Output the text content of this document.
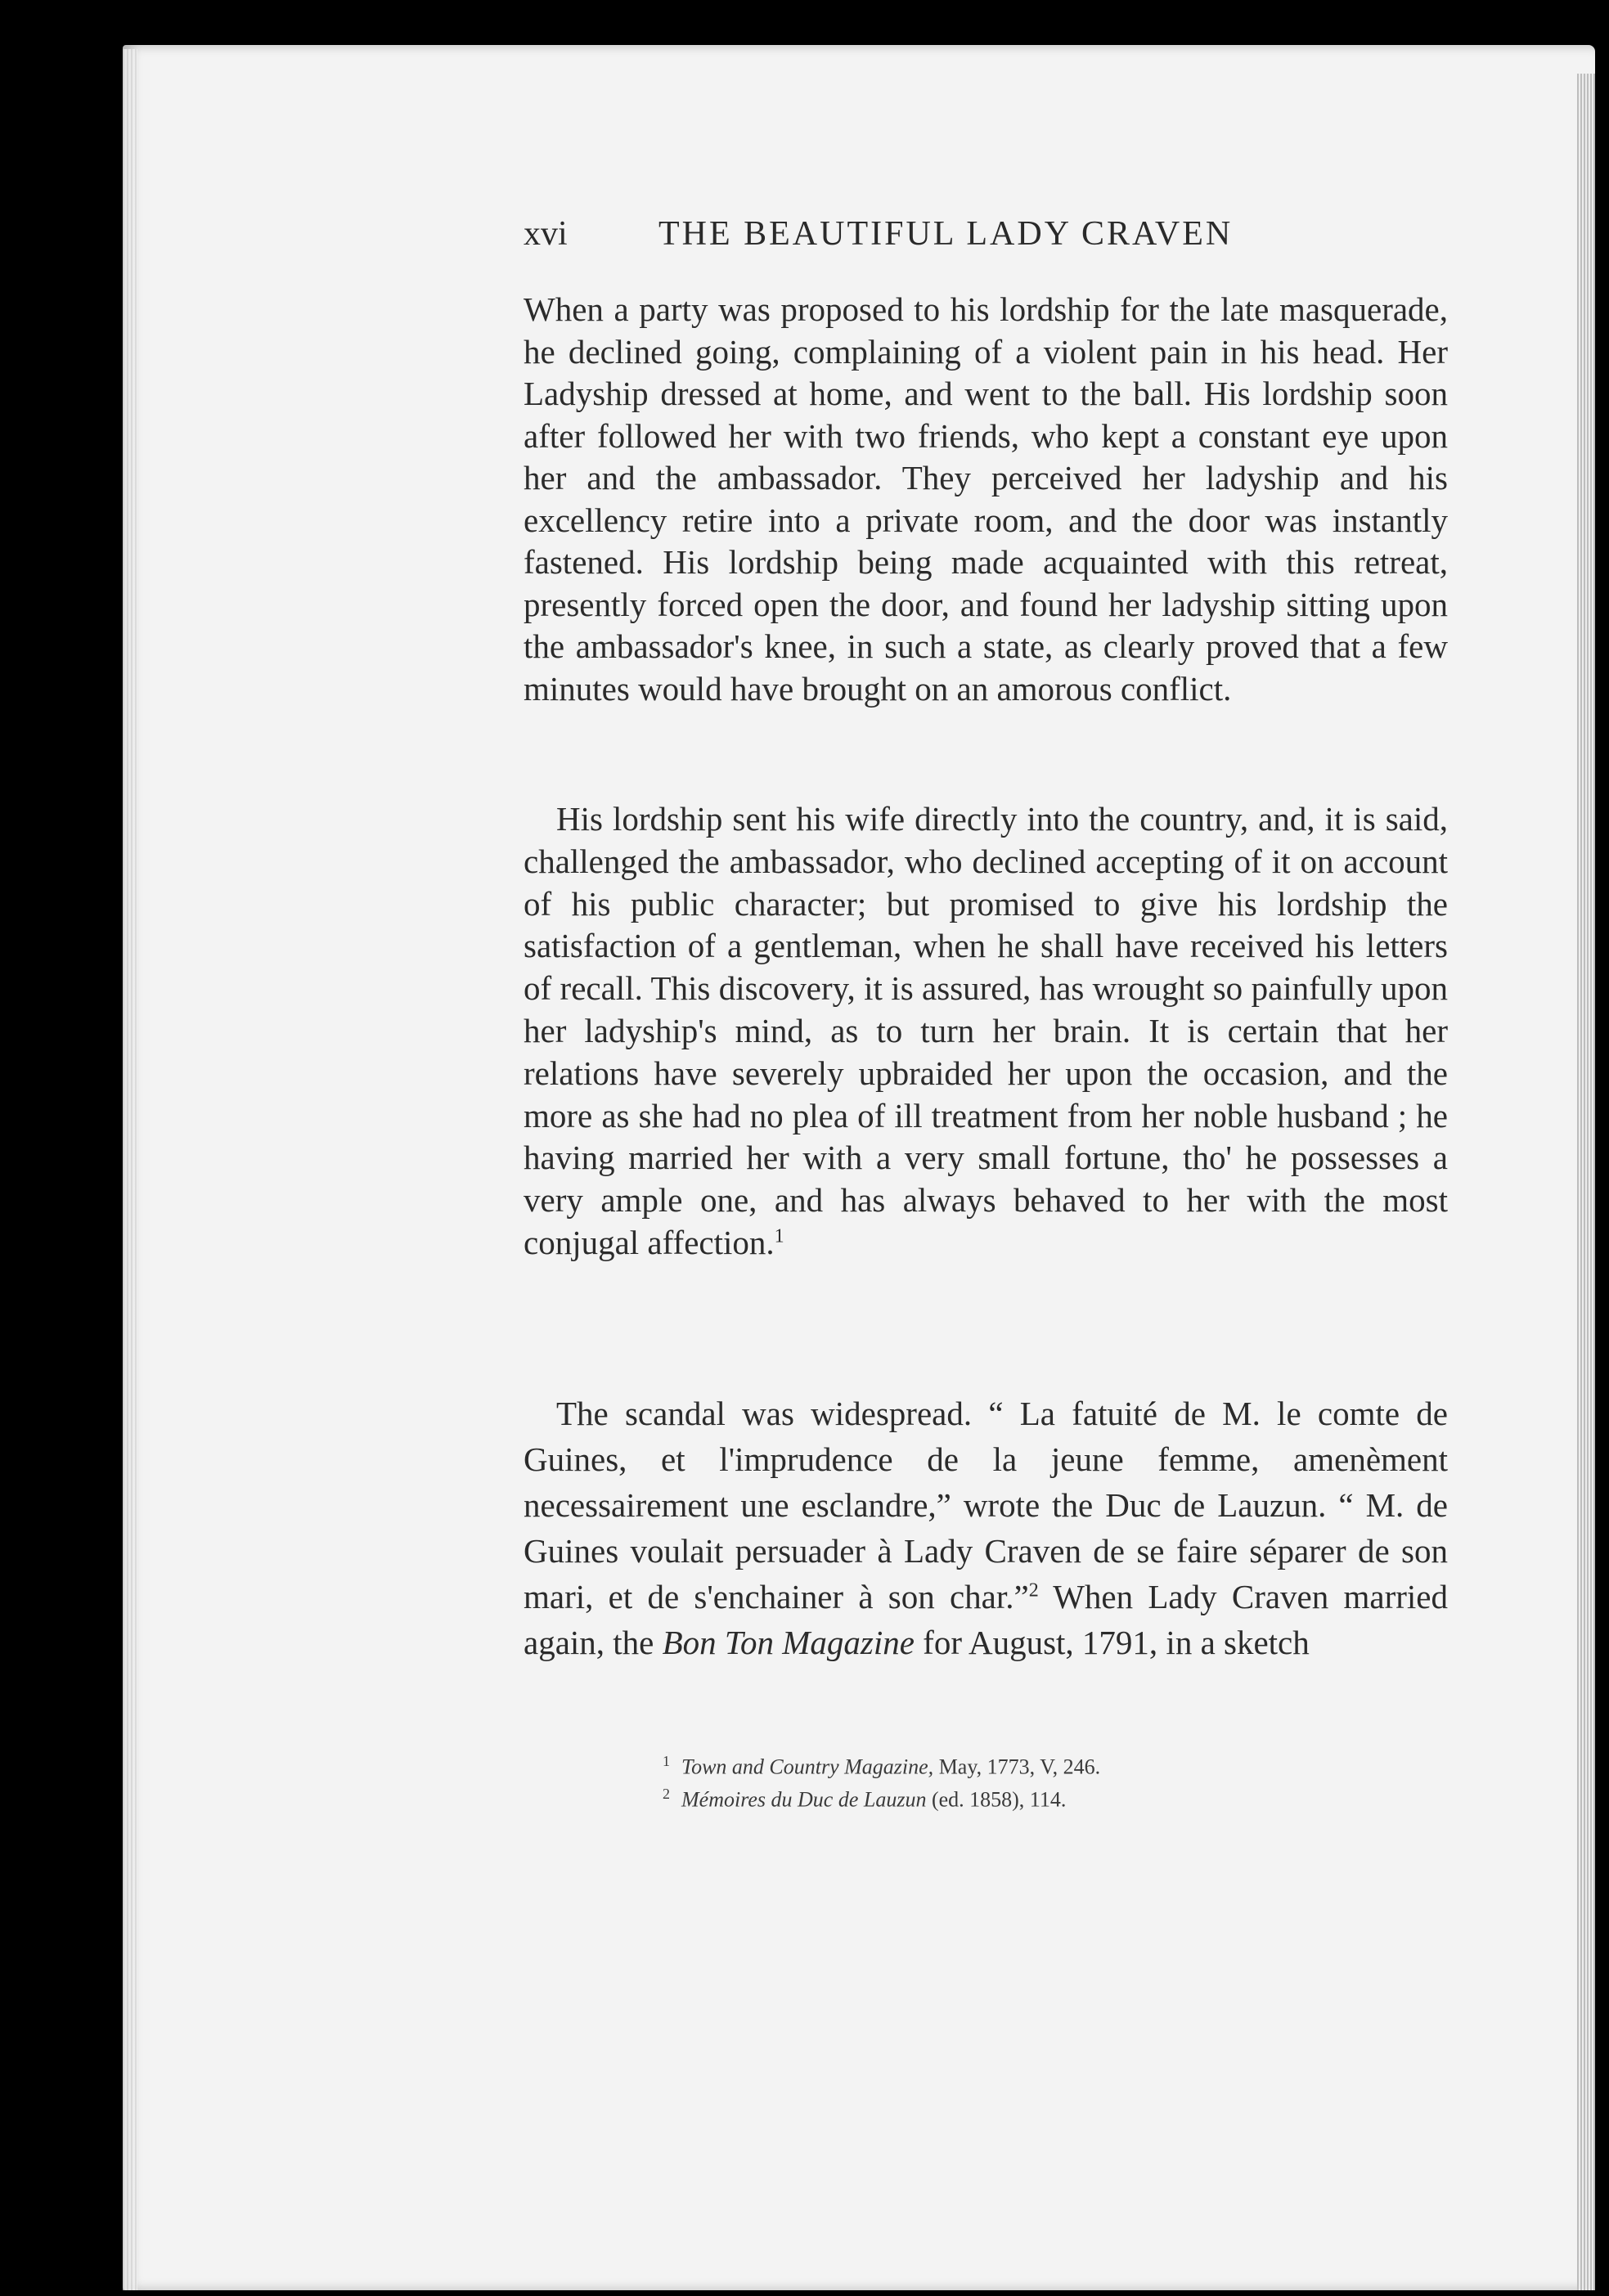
xvi	THE BEAUTIFUL LADY CRAVEN
When a party was proposed to his lordship for the late masquerade, he declined going, complaining of a violent pain in his head. Her Ladyship dressed at home, and went to the ball. His lordship soon after followed her with two friends, who kept a constant eye upon her and the ambassador. They perceived her ladyship and his excellency retire into a private room, and the door was instantly fastened. His lordship being made acquainted with this retreat, presently forced open the door, and found her ladyship sitting upon the ambassador's knee, in such a state, as clearly proved that a few minutes would have brought on an amorous conflict.
His lordship sent his wife directly into the country, and, it is said, challenged the ambassador, who declined accepting of it on account of his public character; but promised to give his lordship the satisfaction of a gentleman, when he shall have received his letters of recall. This discovery, it is assured, has wrought so painfully upon her ladyship's mind, as to turn her brain. It is certain that her relations have severely upbraided her upon the occasion, and the more as she had no plea of ill treatment from her noble husband ; he having married her with a very small fortune, tho' he possesses a very ample one, and has always behaved to her with the most conjugal affection.$^1$
The scandal was widespread. “ La fatuité de M. le comte de Guines, et l'imprudence de la jeune femme, amenèment necessairement une esclandre,” wrote the Duc de Lauzun. “ M. de Guines voulait persuader à Lady Craven de se faire séparer de son mari, et de s'enchainer à son char.”$^2$ When Lady Craven married again, the Bon Ton Magazine for August, 1791, in a sketch
$^1$ Town and Country Magazine, May, 1773, V, 246.
$^2$ Mémoires du Duc de Lauzun (ed. 1858), 114.
